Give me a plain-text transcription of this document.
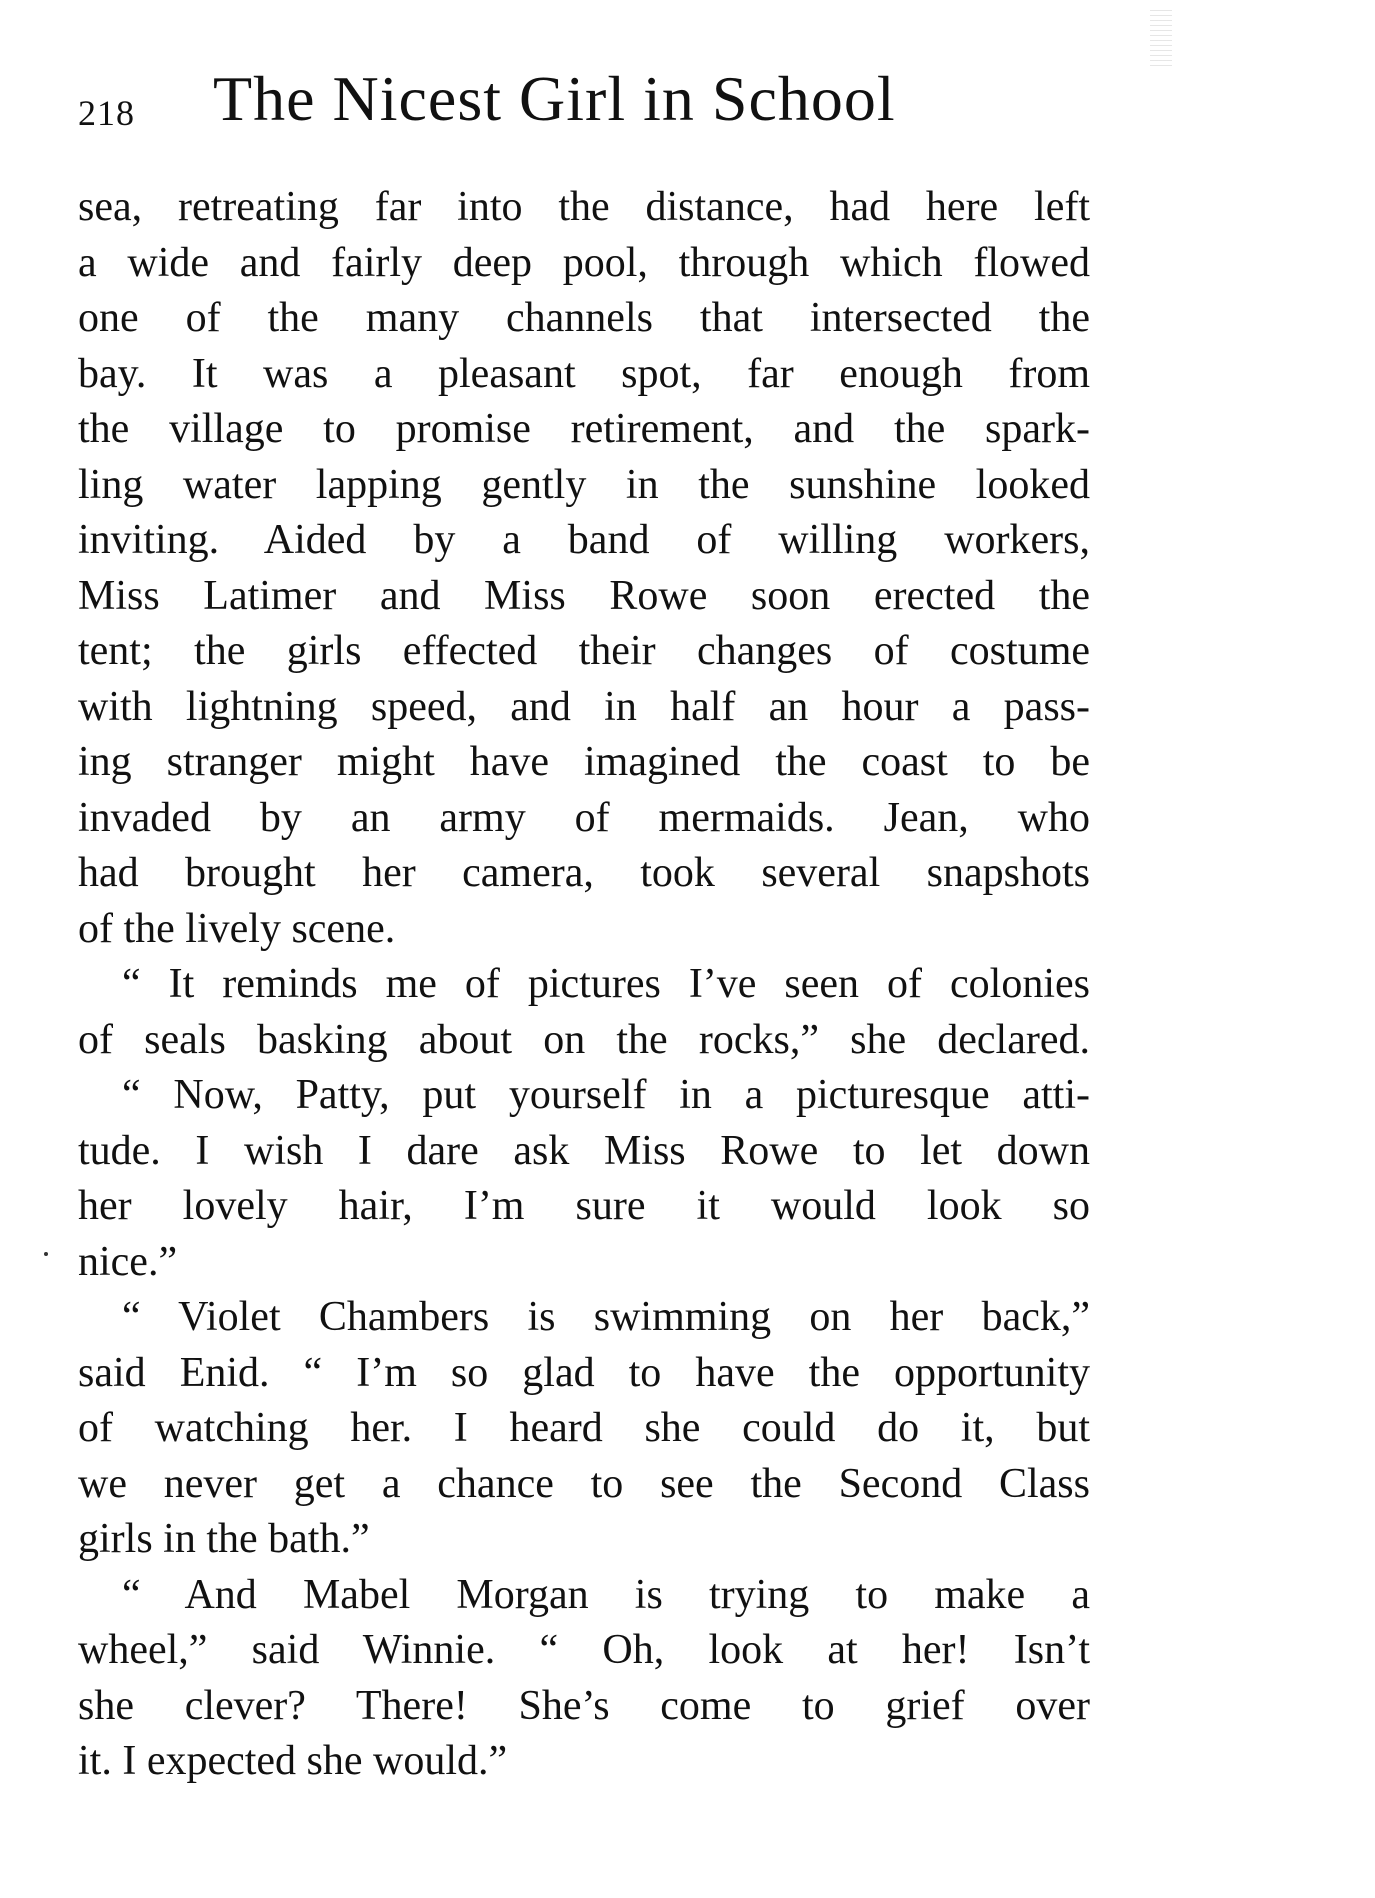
218 The Nicest Girl in School
sea, retreating far into the distance, had here left
a wide and fairly deep pool, through which flowed
one of the many channels that intersected the
bay. It was a pleasant spot, far enough from
the village to promise retirement, and the spark-
ling water lapping gently in the sunshine looked
inviting. Aided by a band of willing workers,
Miss Latimer and Miss Rowe soon erected the
tent; the girls effected their changes of costume
with lightning speed, and in half an hour a pass-
ing stranger might have imagined the coast to be
invaded by an army of mermaids. Jean, who
had brought her camera, took several snapshots
of the lively scene.
“ It reminds me of pictures I’ve seen of colonies
of seals basking about on the rocks,” she declared.
“ Now, Patty, put yourself in a picturesque atti-
tude. I wish I dare ask Miss Rowe to let down
her lovely hair, I’m sure it would look so
nice.”
“ Violet Chambers is swimming on her back,”
said Enid. “ I’m so glad to have the opportunity
of watching her. I heard she could do it, but
we never get a chance to see the Second Class
girls in the bath.”
“ And Mabel Morgan is trying to make a
wheel,” said Winnie. “ Oh, look at her! Isn’t
she clever? There! She’s come to grief over
it. I expected she would.”
